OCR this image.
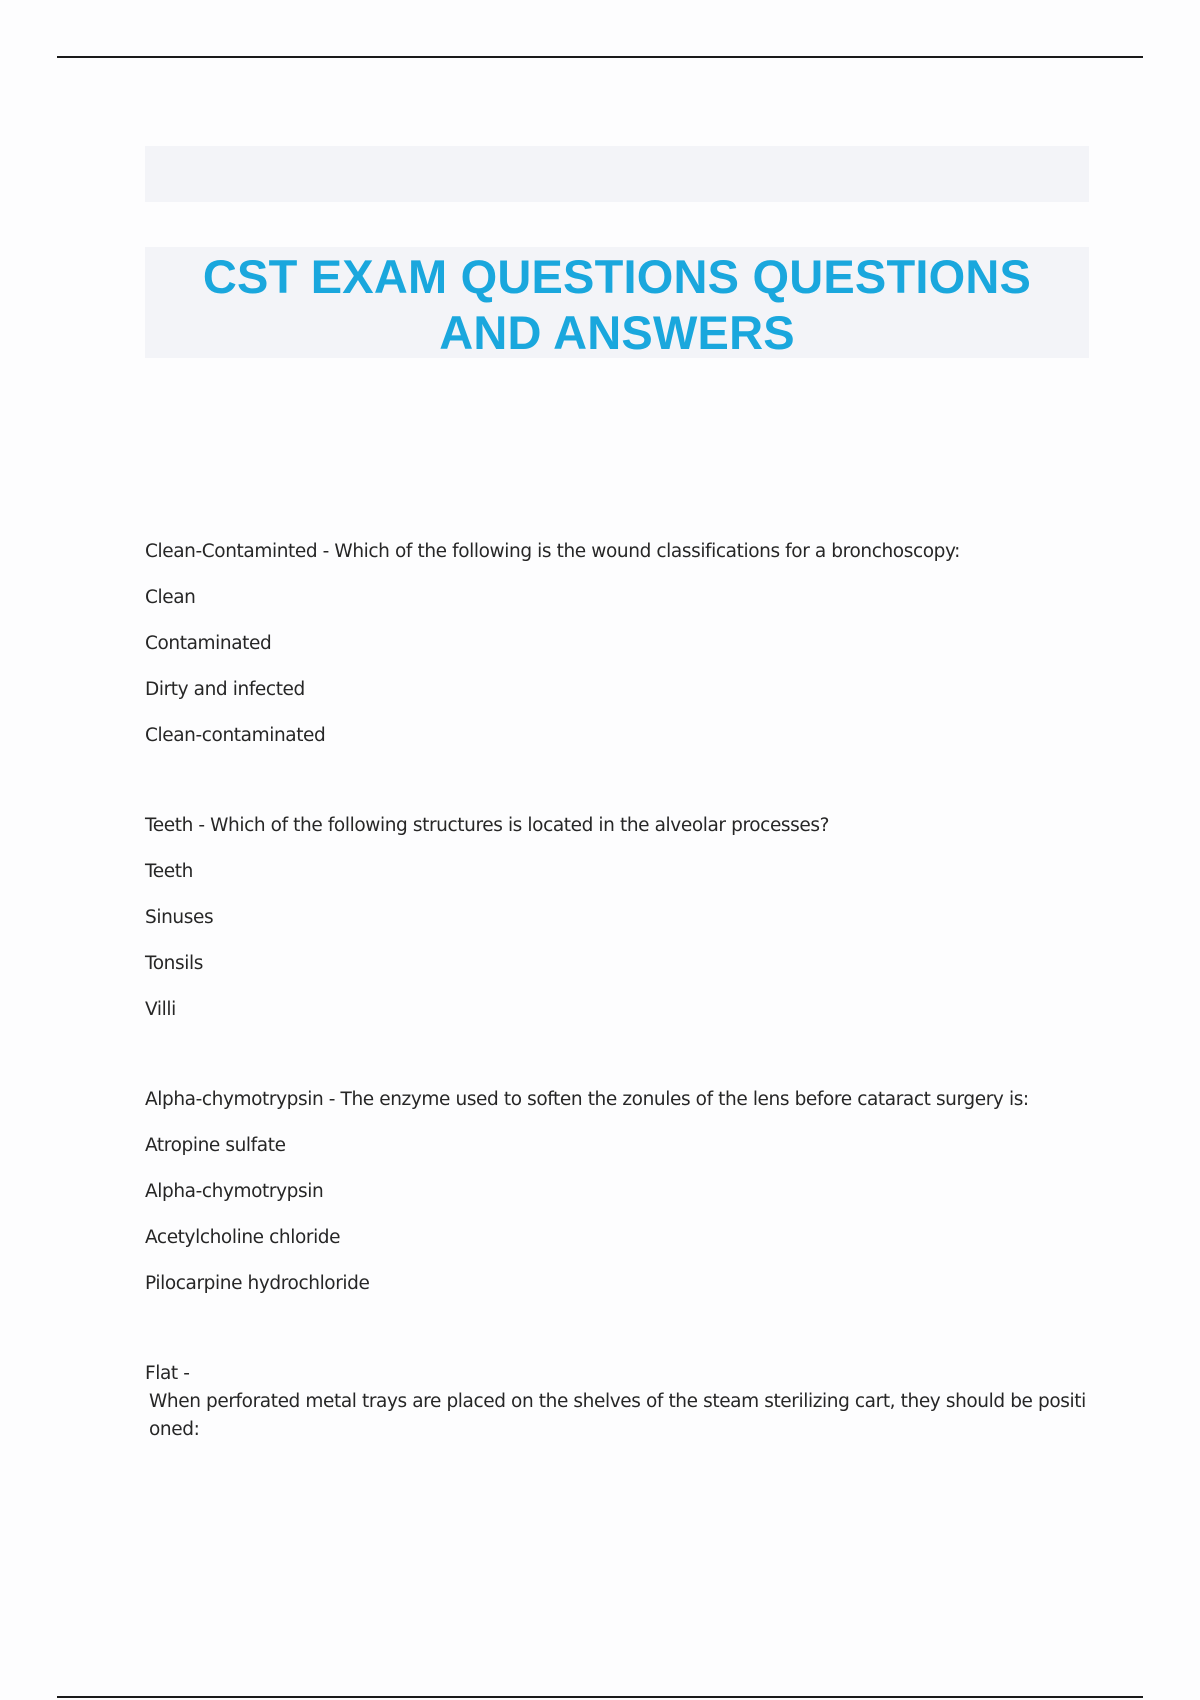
CST EXAM QUESTIONS QUESTIONS
AND ANSWERS
Clean-Contaminted - Which of the following is the wound classifications for a bronchoscopy:
Clean
Contaminated
Dirty and infected
Clean-contaminated
Teeth - Which of the following structures is located in the alveolar processes?
Teeth
Sinuses
Tonsils
Villi
Alpha-chymotrypsin - The enzyme used to soften the zonules of the lens before cataract surgery is:
Atropine sulfate
Alpha-chymotrypsin
Acetylcholine chloride
Pilocarpine hydrochloride
Flat -
When perforated metal trays are placed on the shelves of the steam sterilizing cart, they should be positi
oned:
